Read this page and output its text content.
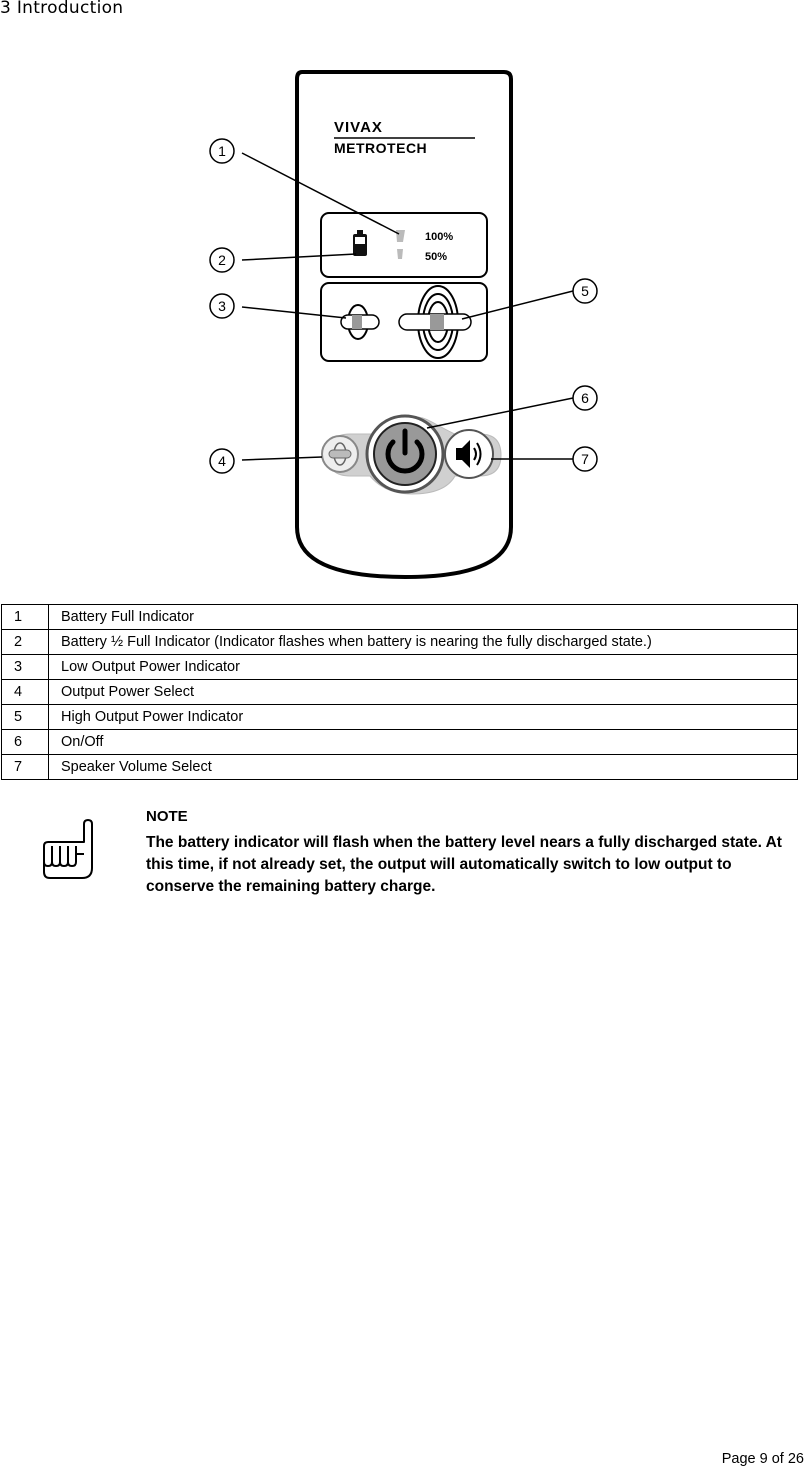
3 Introduction
VIVAX
METROTECH
100%
50%
1
2
3
4
5
6
7
1	Battery Full Indicator
2	Battery ½ Full Indicator (Indicator flashes when battery is nearing the fully discharged state.)
3	Low Output Power Indicator
4	Output Power Select
5	High Output Power Indicator
6	On/Off
7	Speaker Volume Select
NOTE
The battery indicator will flash when the battery level nears a fully discharged state. At this time, if not already set, the output will automatically switch to low output to conserve the remaining battery charge.
Page 9 of 26
